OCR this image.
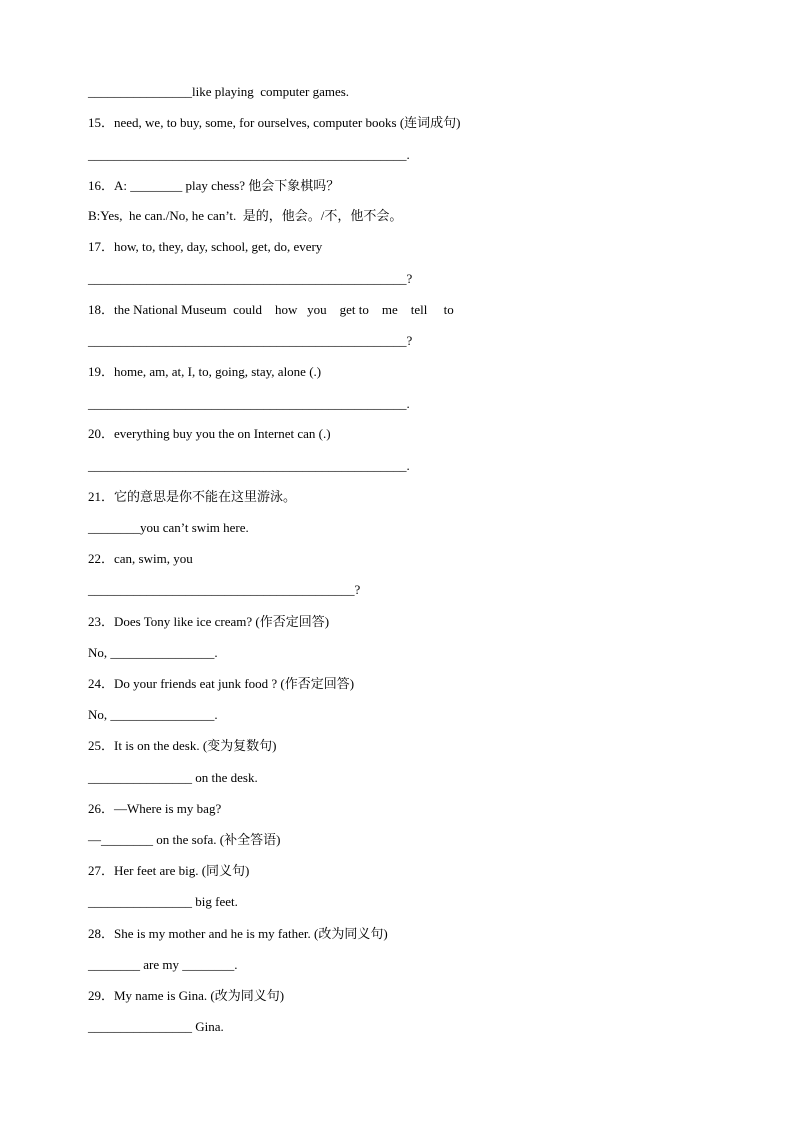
________________like playing  computer games.
15．need, we, to buy, some, for ourselves, computer books (连词成句)
_________________________________________________.
16．A: ________ play chess? 他会下象棋吗？
B:Yes,  he can./No, he can’t.  是的，他会。/不，他不会。
17．how, to, they, day, school, get, do, every
_________________________________________________?
18．the National Museum  could    how   you    get to    me    tell     to
_________________________________________________?
19．home, am, at, I, to, going, stay, alone (.)
_________________________________________________.
20．everything buy you the on Internet can (.)
_________________________________________________.
21．它的意思是你不能在这里游泳。
________you can’t swim here.
22．can, swim, you
_________________________________________?
23．Does Tony like ice cream? (作否定回答)
No, ________________.
24．Do your friends eat junk food ? (作否定回答)
No, ________________.
25．It is on the desk. (变为复数句)
________________ on the desk.
26．—Where is my bag?
—________ on the sofa. (补全答语)
27．Her feet are big. (同义句)
________________ big feet.
28．She is my mother and he is my father. (改为同义句)
________ are my ________.
29．My name is Gina. (改为同义句)
________________ Gina.
